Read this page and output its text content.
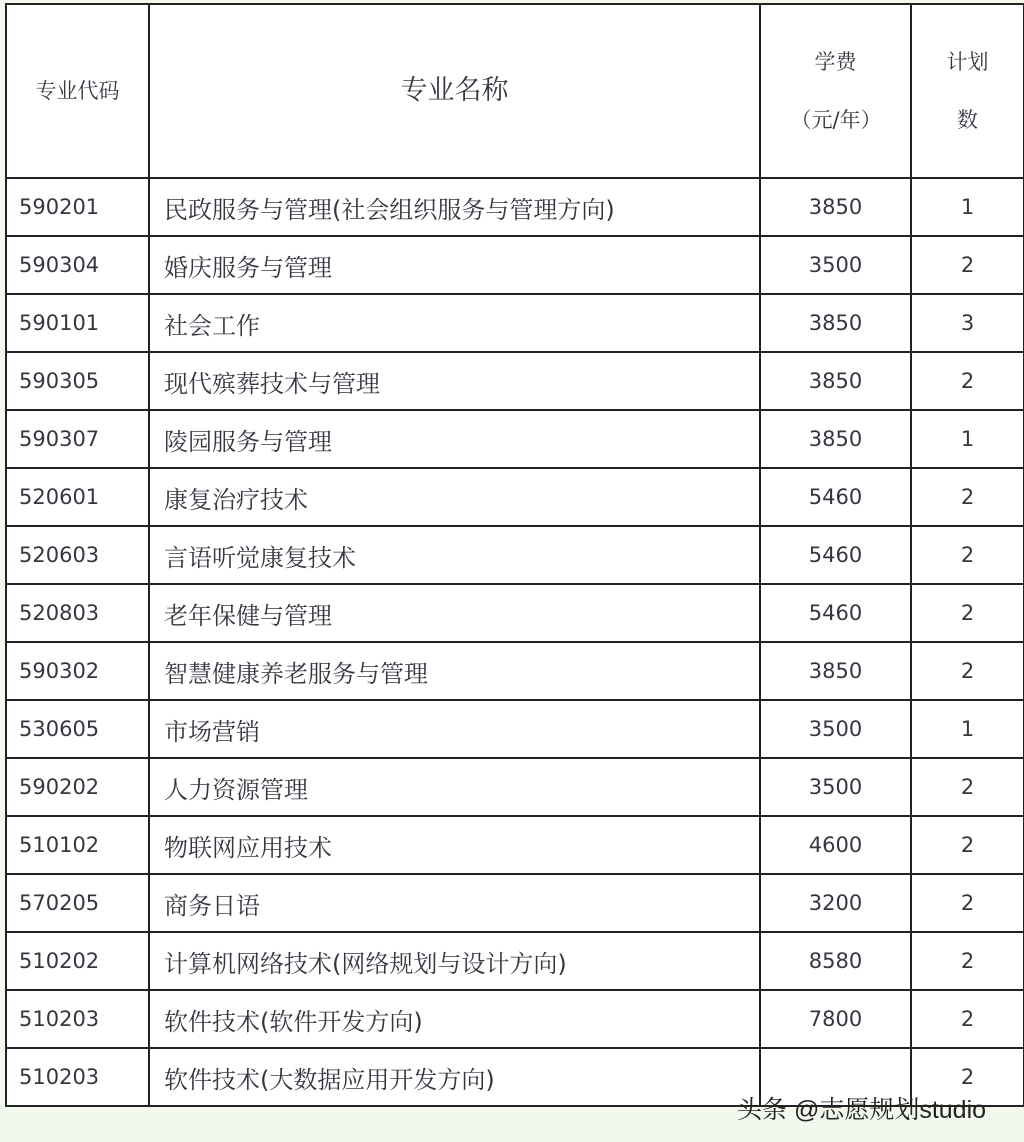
专业代码	专业名称	学费（元/年）	计划数
590201	民政服务与管理(社会组织服务与管理方向)	3850	1
590304	婚庆服务与管理	3500	2
590101	社会工作	3850	3
590305	现代殡葬技术与管理	3850	2
590307	陵园服务与管理	3850	1
520601	康复治疗技术	5460	2
520603	言语听觉康复技术	5460	2
520803	老年保健与管理	5460	2
590302	智慧健康养老服务与管理	3850	2
530605	市场营销	3500	1
590202	人力资源管理	3500	2
510102	物联网应用技术	4600	2
570205	商务日语	3200	2
510202	计算机网络技术(网络规划与设计方向)	8580	2
510203	软件技术(软件开发方向)	7800	2
510203	软件技术(大数据应用开发方向)		2
头条 @志愿规划studio
